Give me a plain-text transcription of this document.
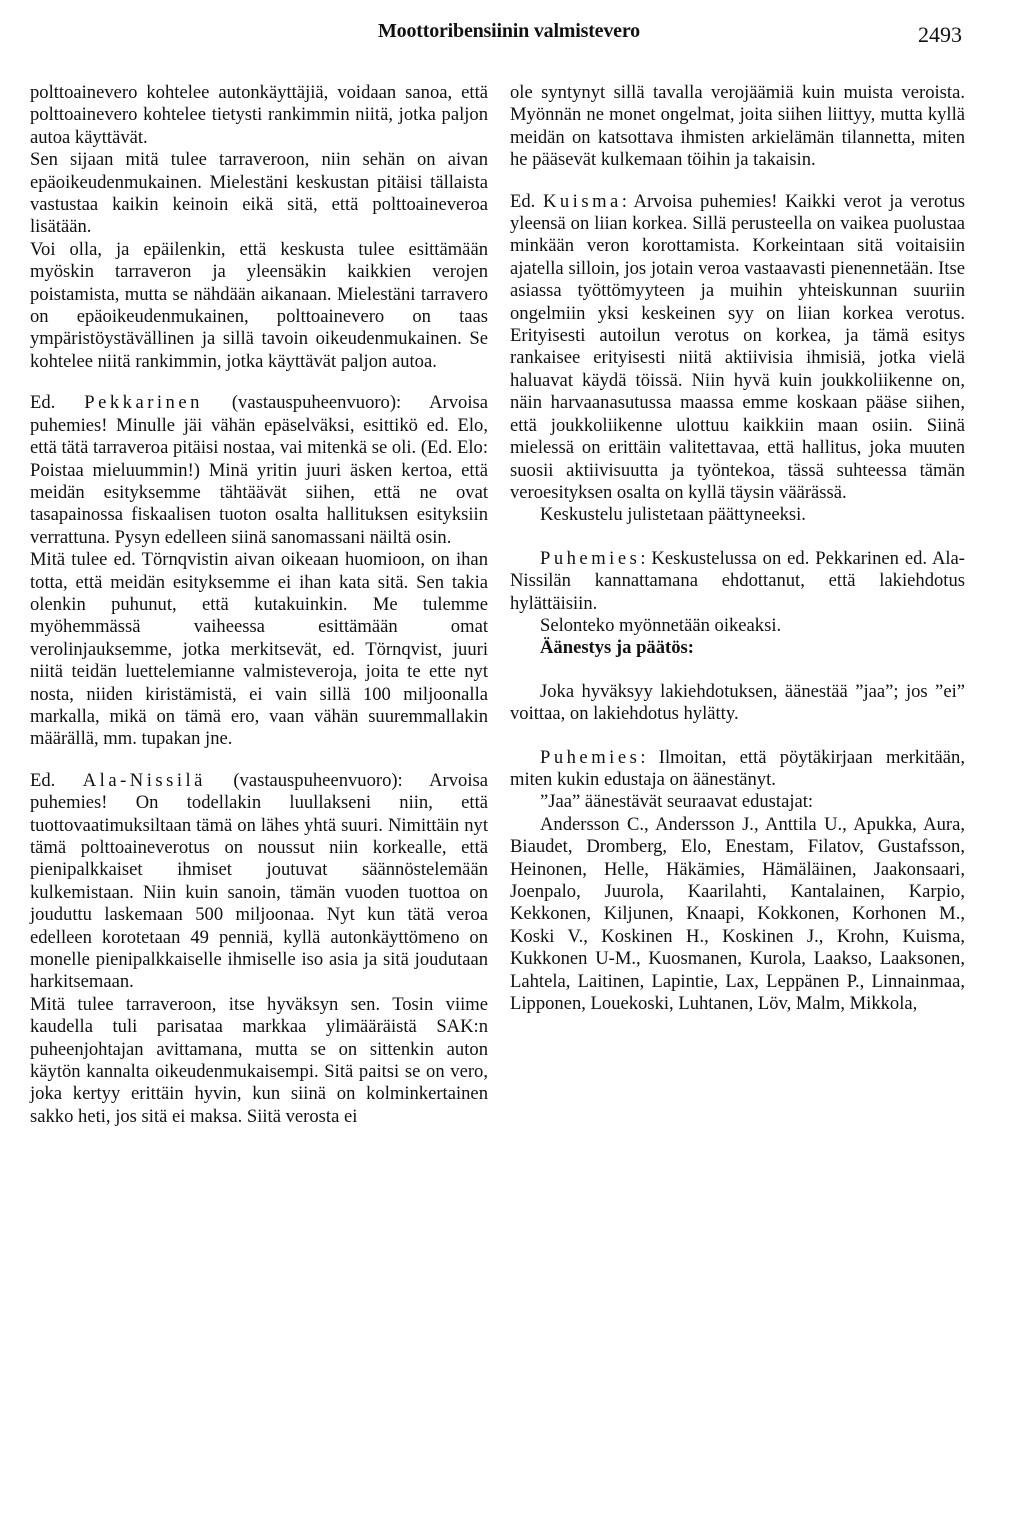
Moottoribensiinin valmistevero	2493

polttoainevero kohtelee autonkäyttäjiä, voidaan sanoa, että polttoainevero kohtelee tietysti rankimmin niitä, jotka paljon autoa käyttävät.

Sen sijaan mitä tulee tarraveroon, niin sehän on aivan epäoikeudenmukainen. Mielestäni keskustan pitäisi tällaista vastustaa kaikin keinoin eikä sitä, että polttoaineveroa lisätään.

Voi olla, ja epäilenkin, että keskusta tulee esittämään myöskin tarraveron ja yleensäkin kaikkien verojen poistamista, mutta se nähdään aikanaan. Mielestäni tarravero on epäoikeudenmukainen, polttoainevero on taas ympäristöystävällinen ja sillä tavoin oikeudenmukainen. Se kohtelee niitä rankimmin, jotka käyttävät paljon autoa.

Ed. Pekkarinen (vastauspuheenvuoro): Arvoisa puhemies! Minulle jäi vähän epäselväksi, esittikö ed. Elo, että tätä tarraveroa pitäisi nostaa, vai mitenkä se oli. (Ed. Elo: Poistaa mieluummin!) Minä yritin juuri äsken kertoa, että meidän esityksemme tähtäävät siihen, että ne ovat tasapainossa fiskaalisen tuoton osalta hallituksen esityksiin verrattuna. Pysyn edelleen siinä sanomassani näiltä osin.

Mitä tulee ed. Törnqvistin aivan oikeaan huomioon, on ihan totta, että meidän esityksemme ei ihan kata sitä. Sen takia olenkin puhunut, että kutakuinkin. Me tulemme myöhemmässä vaiheessa esittämään omat verolinjauksemme, jotka merkitsevät, ed. Törnqvist, juuri niitä teidän luettelemianne valmisteveroja, joita te ette nyt nosta, niiden kiristämistä, ei vain sillä 100 miljoonalla markalla, mikä on tämä ero, vaan vähän suuremmallakin määrällä, mm. tupakan jne.

Ed. Ala-Nissilä (vastauspuheenvuoro): Arvoisa puhemies! On todellakin luullakseni niin, että tuottovaatimuksiltaan tämä on lähes yhtä suuri. Nimittäin nyt tämä polttoaineverotus on noussut niin korkealle, että pienipalkkaiset ihmiset joutuvat säännöstelemään kulkemistaan. Niin kuin sanoin, tämän vuoden tuottoa on jouduttu laskemaan 500 miljoonaa. Nyt kun tätä veroa edelleen korotetaan 49 penniä, kyllä autonkäyttömeno on monelle pienipalkkaiselle ihmiselle iso asia ja sitä joudutaan harkitsemaan.

Mitä tulee tarraveroon, itse hyväksyn sen. Tosin viime kaudella tuli parisataa markkaa ylimääräistä SAK:n puheenjohtajan avittamana, mutta se on sittenkin auton käytön kannalta oikeudenmukaisempi. Sitä paitsi se on vero, joka kertyy erittäin hyvin, kun siinä on kolminkertainen sakko heti, jos sitä ei maksa. Siitä verosta ei

ole syntynyt sillä tavalla verojäämiä kuin muista veroista. Myönnän ne monet ongelmat, joita siihen liittyy, mutta kyllä meidän on katsottava ihmisten arkielämän tilannetta, miten he pääsevät kulkemaan töihin ja takaisin.

Ed. Kuisma: Arvoisa puhemies! Kaikki verot ja verotus yleensä on liian korkea. Sillä perusteella on vaikea puolustaa minkään veron korottamista. Korkeintaan sitä voitaisiin ajatella silloin, jos jotain veroa vastaavasti pienennetään. Itse asiassa työttömyyteen ja muihin yhteiskunnan suuriin ongelmiin yksi keskeinen syy on liian korkea verotus. Erityisesti autoilun verotus on korkea, ja tämä esitys rankaisee erityisesti niitä aktiivisia ihmisiä, jotka vielä haluavat käydä töissä. Niin hyvä kuin joukkoliikenne on, näin harvaanasutussa maassa emme koskaan pääse siihen, että joukkoliikenne ulottuu kaikkiin maan osiin. Siinä mielessä on erittäin valitettavaa, että hallitus, joka muuten suosii aktiivisuutta ja työntekoa, tässä suhteessa tämän veroesityksen osalta on kyllä täysin väärässä.

Keskustelu julistetaan päättyneeksi.

Puhemies: Keskustelussa on ed. Pekkarinen ed. Ala-Nissilän kannattamana ehdottanut, että lakiehdotus hylättäisiin.

Selonteko myönnetään oikeaksi.

Äänestys ja päätös:

Joka hyväksyy lakiehdotuksen, äänestää ”jaa”; jos ”ei” voittaa, on lakiehdotus hylätty.

Puhemies: Ilmoitan, että pöytäkirjaan merkitään, miten kukin edustaja on äänestänyt.

”Jaa” äänestävät seuraavat edustajat:

Andersson C., Andersson J., Anttila U., Apukka, Aura, Biaudet, Dromberg, Elo, Enestam, Filatov, Gustafsson, Heinonen, Helle, Häkämies, Hämäläinen, Jaakonsaari, Joenpalo, Juurola, Kaarilahti, Kantalainen, Karpio, Kekkonen, Kiljunen, Knaapi, Kokkonen, Korhonen M., Koski V., Koskinen H., Koskinen J., Krohn, Kuisma, Kukkonen U-M., Kuosmanen, Kurola, Laakso, Laaksonen, Lahtela, Laitinen, Lapintie, Lax, Leppänen P., Linnainmaa, Lipponen, Louekoski, Luhtanen, Löv, Malm, Mikkola,
